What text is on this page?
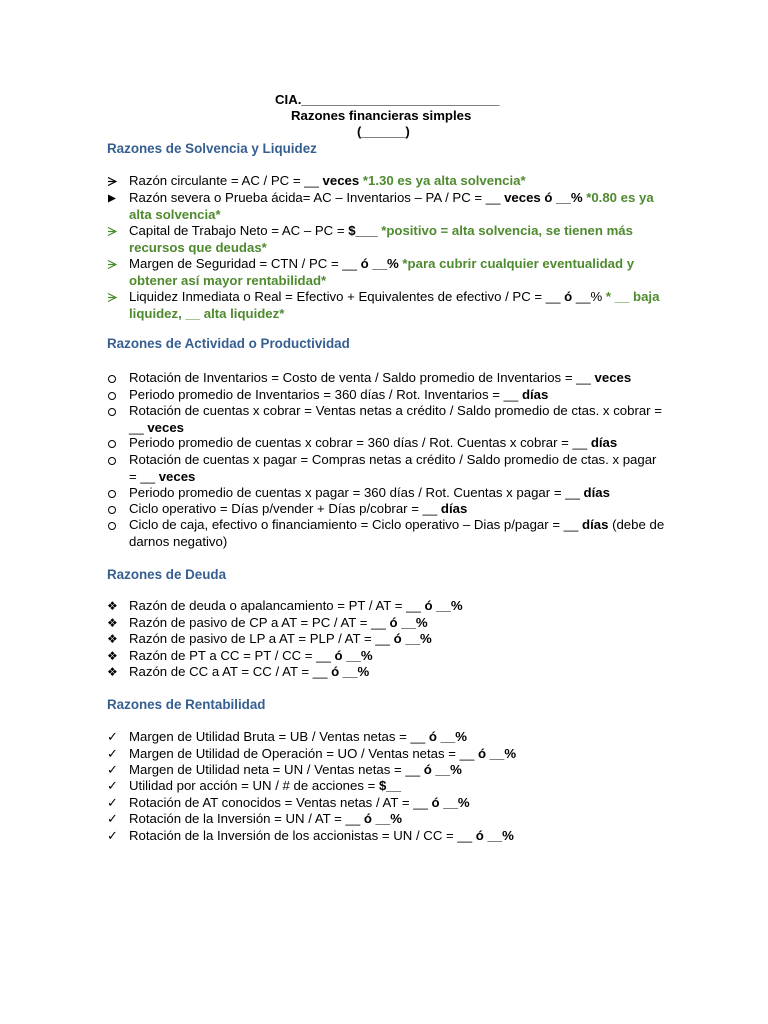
CIA.___________________________
Razones financieras simples
(______)
Razones de Solvencia y Liquidez
Razón circulante = AC / PC = __ veces *1.30 es ya alta solvencia*
Razón severa o Prueba ácida= AC – Inventarios – PA / PC = __ veces ó __% *0.80 es ya alta solvencia*
Capital de Trabajo Neto = AC – PC = $___ *positivo = alta solvencia, se tienen más recursos que deudas*
Margen de Seguridad = CTN / PC = __ ó __% *para cubrir cualquier eventualidad y obtener así mayor rentabilidad*
Liquidez Inmediata o Real = Efectivo + Equivalentes de efectivo / PC = __ ó __% * __ baja liquidez, __ alta liquidez*
Razones de Actividad o Productividad
Rotación de Inventarios = Costo de venta / Saldo promedio de Inventarios = __ veces
Periodo promedio de Inventarios = 360 días / Rot. Inventarios = __ días
Rotación de cuentas x cobrar = Ventas netas a crédito / Saldo promedio de ctas. x cobrar = __ veces
Periodo promedio de cuentas x cobrar = 360 días / Rot. Cuentas x cobrar = __ días
Rotación de cuentas x pagar = Compras netas a crédito / Saldo promedio de ctas. x pagar = __ veces
Periodo promedio de cuentas x pagar = 360 días / Rot. Cuentas x pagar = __ días
Ciclo operativo = Días p/vender + Días p/cobrar = __ días
Ciclo de caja, efectivo o financiamiento = Ciclo operativo – Dias p/pagar = __ días (debe de darnos negativo)
Razones de Deuda
❖ Razón de deuda o apalancamiento = PT / AT = __ ó __%
❖ Razón de pasivo de CP a AT = PC / AT = __ ó __%
❖ Razón de pasivo de LP a AT = PLP / AT = __ ó __%
❖ Razón de PT a CC = PT / CC = __ ó __%
❖ Razón de CC a AT = CC / AT = __ ó __%
Razones de Rentabilidad
✓ Margen de Utilidad Bruta = UB / Ventas netas = __ ó __%
✓ Margen de Utilidad de Operación = UO / Ventas netas = __ ó __%
✓ Margen de Utilidad neta = UN / Ventas netas = __ ó __%
✓ Utilidad por acción = UN / # de acciones = $__
✓ Rotación de AT conocidos = Ventas netas / AT = __ ó __%
✓ Rotación de la Inversión = UN / AT = __ ó __%
✓ Rotación de la Inversión de los accionistas = UN / CC = __ ó __%
